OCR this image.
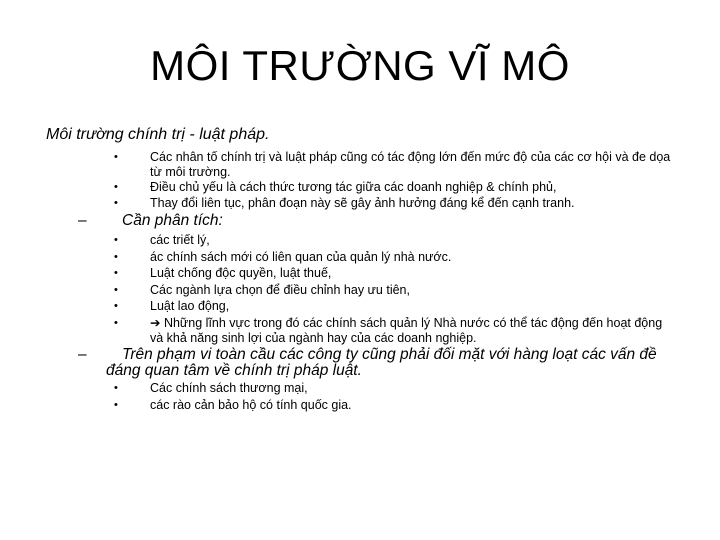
MÔI TRƯỜNG VĨ MÔ
Môi trường chính trị - luật pháp.
•	Các nhân tố chính trị và luật pháp cũng có tác động lớn đến mức độ của các cơ hội và đe dọa từ môi trường.
•	Điều chủ yếu là cách thức tương tác giữa các doanh nghiệp & chính phủ,
•	Thay đổi liên tục, phân đoạn này sẽ gây ảnh hưởng đáng kể đến cạnh tranh.
– Cần phân tích:
•	các triết lý,
•	ác chính sách mới có liên quan của quản lý nhà nước.
•	Luật chống độc quyền, luật thuế,
•	Các ngành lựa chọn để điều chỉnh hay ưu tiên,
•	Luật lao động,
•	➔ Những lĩnh vực trong đó các chính sách quản lý Nhà nước có thể tác động đến hoạt động và khả năng sinh lợi của ngành hay của các doanh nghiệp.
– Trên phạm vi toàn cầu các công ty cũng phải đối mặt với hàng loạt các vấn đề
đáng quan tâm về chính trị pháp luật.
•	Các chính sách thương mại,
•	các rào cản bảo hộ có tính quốc gia.
